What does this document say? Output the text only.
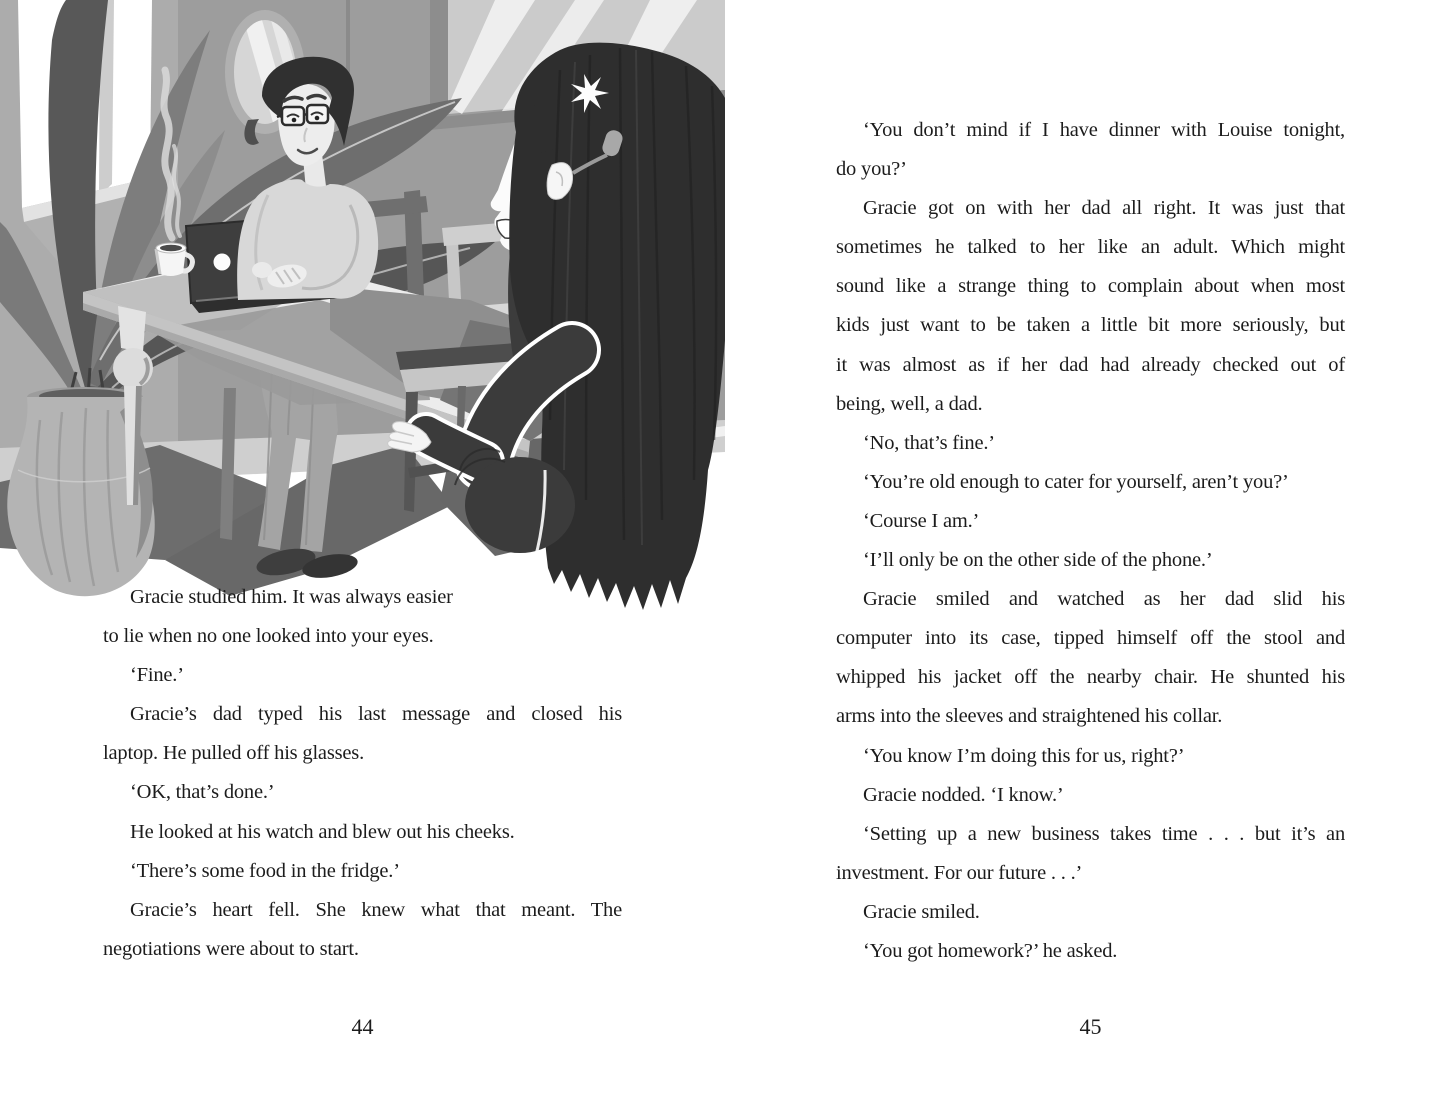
Gracie studied him. It was always easier
to lie when no one looked into your eyes.
‘Fine.’
Gracie’s dad typed his last message and closed his
laptop. He pulled off his glasses.
‘OK, that’s done.’
He looked at his watch and blew out his cheeks.
‘There’s some food in the fridge.’
Gracie’s heart fell. She knew what that meant. The
negotiations were about to start.
44
‘You don’t mind if I have dinner with Louise tonight,
do you?’
Gracie got on with her dad all right. It was just that
sometimes he talked to her like an adult. Which might
sound like a strange thing to complain about when most
kids just want to be taken a little bit more seriously, but
it was almost as if her dad had already checked out of
being, well, a dad.
‘No, that’s fine.’
‘You’re old enough to cater for yourself, aren’t you?’
‘Course I am.’
‘I’ll only be on the other side of the phone.’
Gracie smiled and watched as her dad slid his
computer into its case, tipped himself off the stool and
whipped his jacket off the nearby chair. He shunted his
arms into the sleeves and straightened his collar.
‘You know I’m doing this for us, right?’
Gracie nodded. ‘I know.’
‘Setting up a new business takes time . . . but it’s an
investment. For our future . . .’
Gracie smiled.
‘You got homework?’ he asked.
45
